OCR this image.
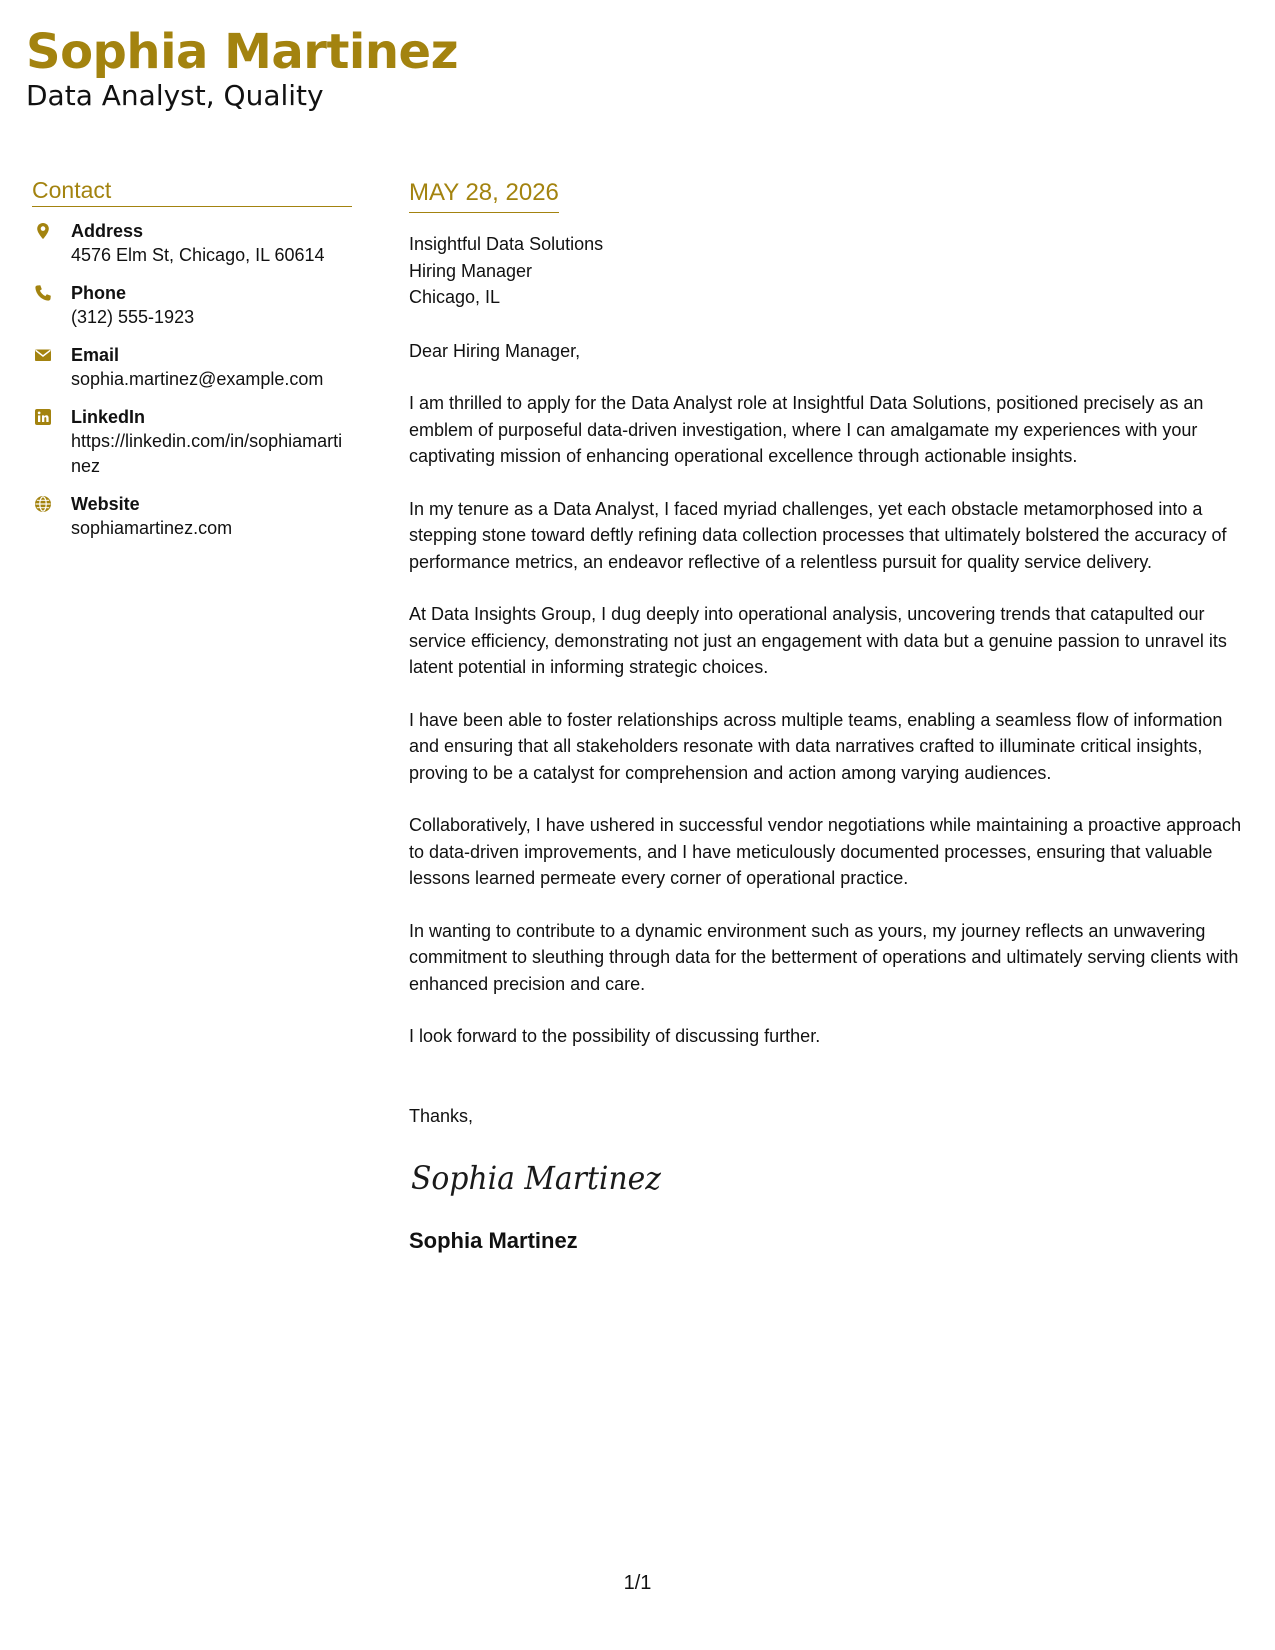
Sophia Martinez
Data Analyst, Quality
Contact
Address
4576 Elm St, Chicago, IL 60614
Phone
(312) 555-1923
Email
sophia.martinez@example.com
LinkedIn
https://linkedin.com/in/sophiamartinez
Website
sophiamartinez.com
MAY 28, 2026
Insightful Data Solutions
Hiring Manager
Chicago, IL

Dear Hiring Manager,

I am thrilled to apply for the Data Analyst role at Insightful Data Solutions, positioned precisely as an emblem of purposeful data-driven investigation, where I can amalgamate my experiences with your captivating mission of enhancing operational excellence through actionable insights.

In my tenure as a Data Analyst, I faced myriad challenges, yet each obstacle metamorphosed into a stepping stone toward deftly refining data collection processes that ultimately bolstered the accuracy of performance metrics, an endeavor reflective of a relentless pursuit for quality service delivery.

At Data Insights Group, I dug deeply into operational analysis, uncovering trends that catapulted our service efficiency, demonstrating not just an engagement with data but a genuine passion to unravel its latent potential in informing strategic choices.

I have been able to foster relationships across multiple teams, enabling a seamless flow of information and ensuring that all stakeholders resonate with data narratives crafted to illuminate critical insights, proving to be a catalyst for comprehension and action among varying audiences.

Collaboratively, I have ushered in successful vendor negotiations while maintaining a proactive approach to data-driven improvements, and I have meticulously documented processes, ensuring that valuable lessons learned permeate every corner of operational practice.

In wanting to contribute to a dynamic environment such as yours, my journey reflects an unwavering commitment to sleuthing through data for the betterment of operations and ultimately serving clients with enhanced precision and care.

I look forward to the possibility of discussing further.

Thanks,

Sophia Martinez
Sophia Martinez
1/1
